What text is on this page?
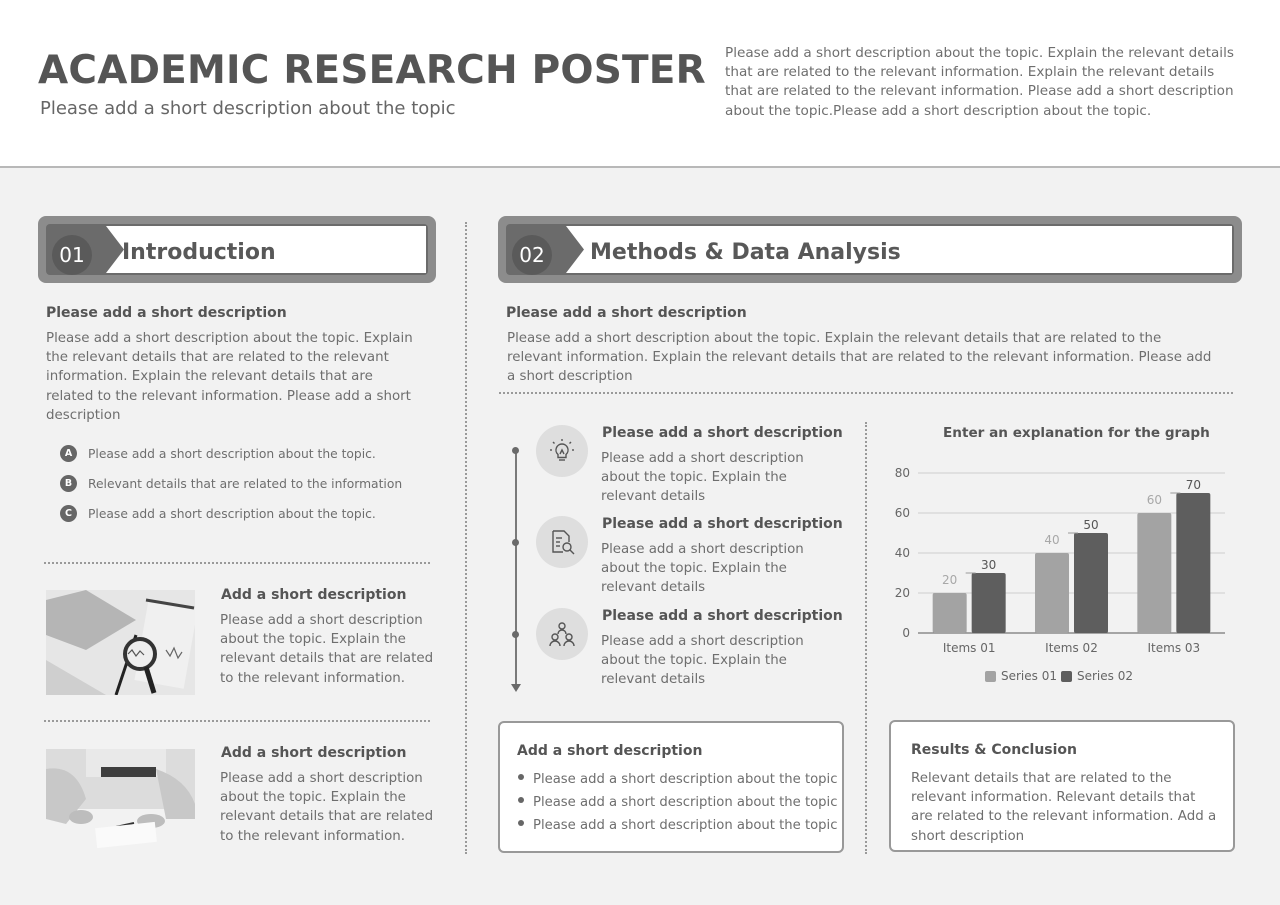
ACADEMIC RESEARCH POSTER
Please add a short description about the topic
Please add a short description about the topic. Explain the relevant details that are related to the relevant information. Explain the relevant details that are related to the relevant information. Please add a short description about the topic.Please add a short description about the topic.
01	Introduction
Please add a short description
Please add a short description about the topic. Explain the relevant details that are related to the relevant information. Explain the relevant details that are related to the relevant information. Please add a short description
A	Please add a short description about the topic.
B	Relevant details that are related to the information
C	Please add a short description about the topic.
Add a short description
Please add a short description about the topic. Explain the relevant details that are related to the relevant information.
Add a short description
Please add a short description about the topic. Explain the relevant details that are related to the relevant information.
02	Methods & Data Analysis
Please add a short description
Please add a short description about the topic. Explain the relevant details that are related to the relevant information. Explain the relevant details that are related to the relevant information. Please add a short description
Please add a short description
Please add a short description about the topic. Explain the relevant details
Please add a short description
Please add a short description about the topic. Explain the relevant details
Please add a short description
Please add a short description about the topic. Explain the relevant details
Add a short description
Please add a short description about the topic
Please add a short description about the topic
Please add a short description about the topic
Results & Conclusion
Relevant details that are related to the relevant information. Relevant details that are related to the relevant information. Add a short description
Enter an explanation for the graph
0
20
40
60
80
Items 01
20
30
Items 02
40
50
Items 03
60
70
Series 01 Series 02
